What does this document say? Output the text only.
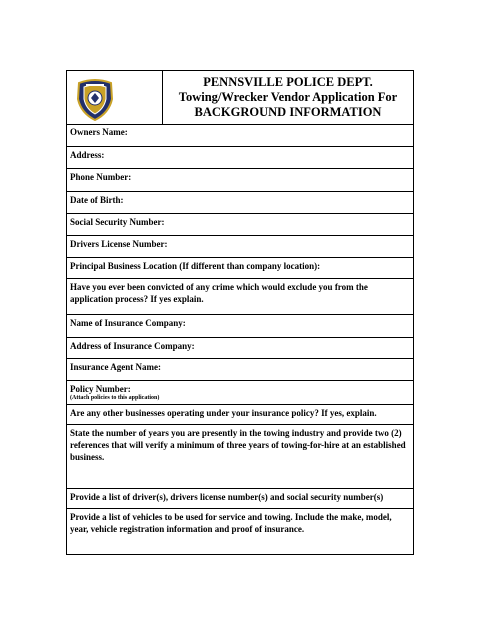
PENNSVILLE POLICE DEPT.
Towing/Wrecker Vendor Application For
BACKGROUND INFORMATION
Owners Name:
Address:
Phone Number:
Date of Birth:
Social Security Number:
Drivers License Number:
Principal Business Location (If different than company location):
Have you ever been convicted of any crime which would exclude you from the application process? If yes explain.
Name of Insurance Company:
Address of Insurance Company:
Insurance Agent Name:
Policy Number:
(Attach policies to this application)
Are any other businesses operating under your insurance policy? If yes, explain.
State the number of years you are presently in the towing industry and provide two (2) references that will verify a minimum of three years of towing-for-hire at an established business.
Provide a list of driver(s), drivers license number(s) and social security number(s)
Provide a list of vehicles to be used for service and towing. Include the make, model, year, vehicle registration information and proof of insurance.
